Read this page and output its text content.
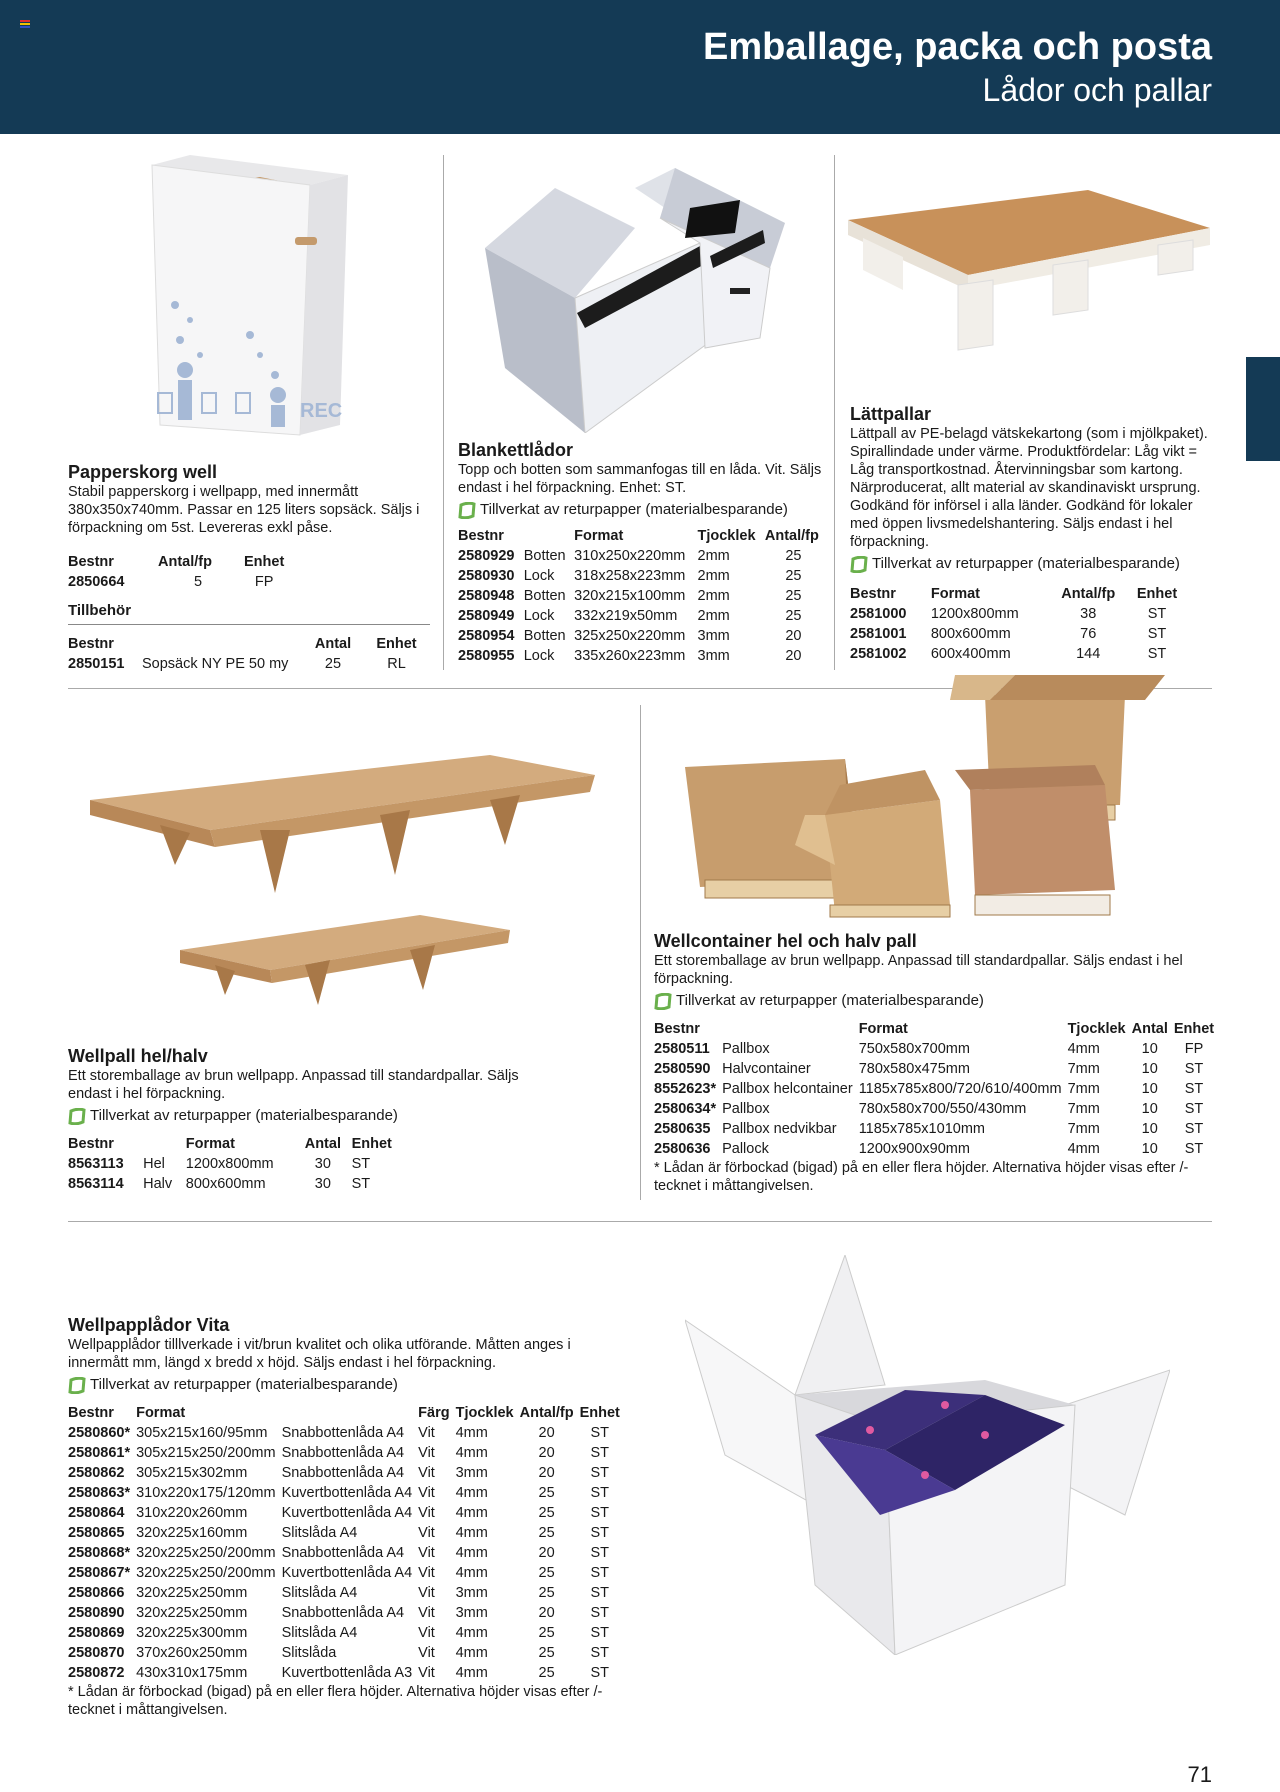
Emballage, packa och posta
Lådor och pallar
REC
Papperskorg well

Stabil papperskorg i wellpapp, med innermått 380x350x740mm. Passar en 125 liters sopsäck. Säljs i förpackning om 5st. Levereras exkl påse.

Bestnr	Antal/fp	Enhet
2850664	5	FP
Tillbehör
Bestnr		Antal	Enhet
2850151	Sopsäck NY PE 50 my	25	RL
Blankettlådor

Topp och botten som sammanfogas till en låda. Vit. Säljs endast i hel förpackning. Enhet: ST.

Tillverkat av returpapper (materialbesparande)
Bestnr		Format	Tjocklek	Antal/fp
2580929	Botten	310x250x220mm	2mm	25
2580930	Lock	318x258x223mm	2mm	25
2580948	Botten	320x215x100mm	2mm	25
2580949	Lock	332x219x50mm	2mm	25
2580954	Botten	325x250x220mm	3mm	20
2580955	Lock	335x260x223mm	3mm	20
Lättpallar

Lättpall av PE-belagd vätskekartong (som i mjölkpaket). Spirallindade under värme. Produktfördelar: Låg vikt = Låg transportkostnad. Återvinningsbar som kartong. Närproducerat, allt material av skandinaviskt ursprung. Godkänd för införsel i alla länder. Godkänd för lokaler med öppen livsmedelshantering. Säljs endast i hel förpackning.

Tillverkat av returpapper (materialbesparande)
Bestnr	Format	Antal/fp	Enhet
2581000	1200x800mm	38	ST
2581001	800x600mm	76	ST
2581002	600x400mm	144	ST
Wellpall hel/halv

Ett storemballage av brun wellpapp. Anpassad till standardpallar. Säljs endast i hel förpackning.

Tillverkat av returpapper (materialbesparande)
Bestnr		Format	Antal	Enhet
8563113	Hel	1200x800mm	30	ST
8563114	Halv	800x600mm	30	ST
Wellcontainer hel och halv pall

Ett storemballage av brun wellpapp. Anpassad till standardpallar. Säljs endast i hel förpackning.

Tillverkat av returpapper (materialbesparande)
Bestnr		Format	Tjocklek	Antal	Enhet
2580511	Pallbox	750x580x700mm	4mm	10	FP
2580590	Halvcontainer	780x580x475mm	7mm	10	ST
8552623*	Pallbox helcontainer	1185x785x800/720/610/400mm	7mm	10	ST
2580634*	Pallbox	780x580x700/550/430mm	7mm	10	ST
2580635	Pallbox nedvikbar	1185x785x1010mm	7mm	10	ST
2580636	Pallock	1200x900x90mm	4mm	10	ST

* Lådan är förbockad (bigad) på en eller flera höjder. Alternativa höjder visas efter /-tecknet i måttangivelsen.

Wellpapplådor Vita

Wellpapplådor tilllverkade i vit/brun kvalitet och olika utförande. Måtten anges i innermått mm, längd x bredd x höjd. Säljs endast i hel förpackning.

Tillverkat av returpapper (materialbesparande)
Bestnr	Format		Färg	Tjocklek	Antal/fp	Enhet
2580860*	305x215x160/95mm	Snabbottenlåda A4	Vit	4mm	20	ST
2580861*	305x215x250/200mm	Snabbottenlåda A4	Vit	4mm	20	ST
2580862	305x215x302mm	Snabbottenlåda A4	Vit	3mm	20	ST
2580863*	310x220x175/120mm	Kuvertbottenlåda A4	Vit	4mm	25	ST
2580864	310x220x260mm	Kuvertbottenlåda A4	Vit	4mm	25	ST
2580865	320x225x160mm	Slitslåda A4	Vit	4mm	25	ST
2580868*	320x225x250/200mm	Snabbottenlåda A4	Vit	4mm	20	ST
2580867*	320x225x250/200mm	Kuvertbottenlåda A4	Vit	4mm	25	ST
2580866	320x225x250mm	Slitslåda A4	Vit	3mm	25	ST
2580890	320x225x250mm	Snabbottenlåda A4	Vit	3mm	20	ST
2580869	320x225x300mm	Slitslåda A4	Vit	4mm	25	ST
2580870	370x260x250mm	Slitslåda	Vit	4mm	25	ST
2580872	430x310x175mm	Kuvertbottenlåda A3	Vit	4mm	25	ST

* Lådan är förbockad (bigad) på en eller flera höjder. Alternativa höjder visas efter /-tecknet i måttangivelsen.

71
